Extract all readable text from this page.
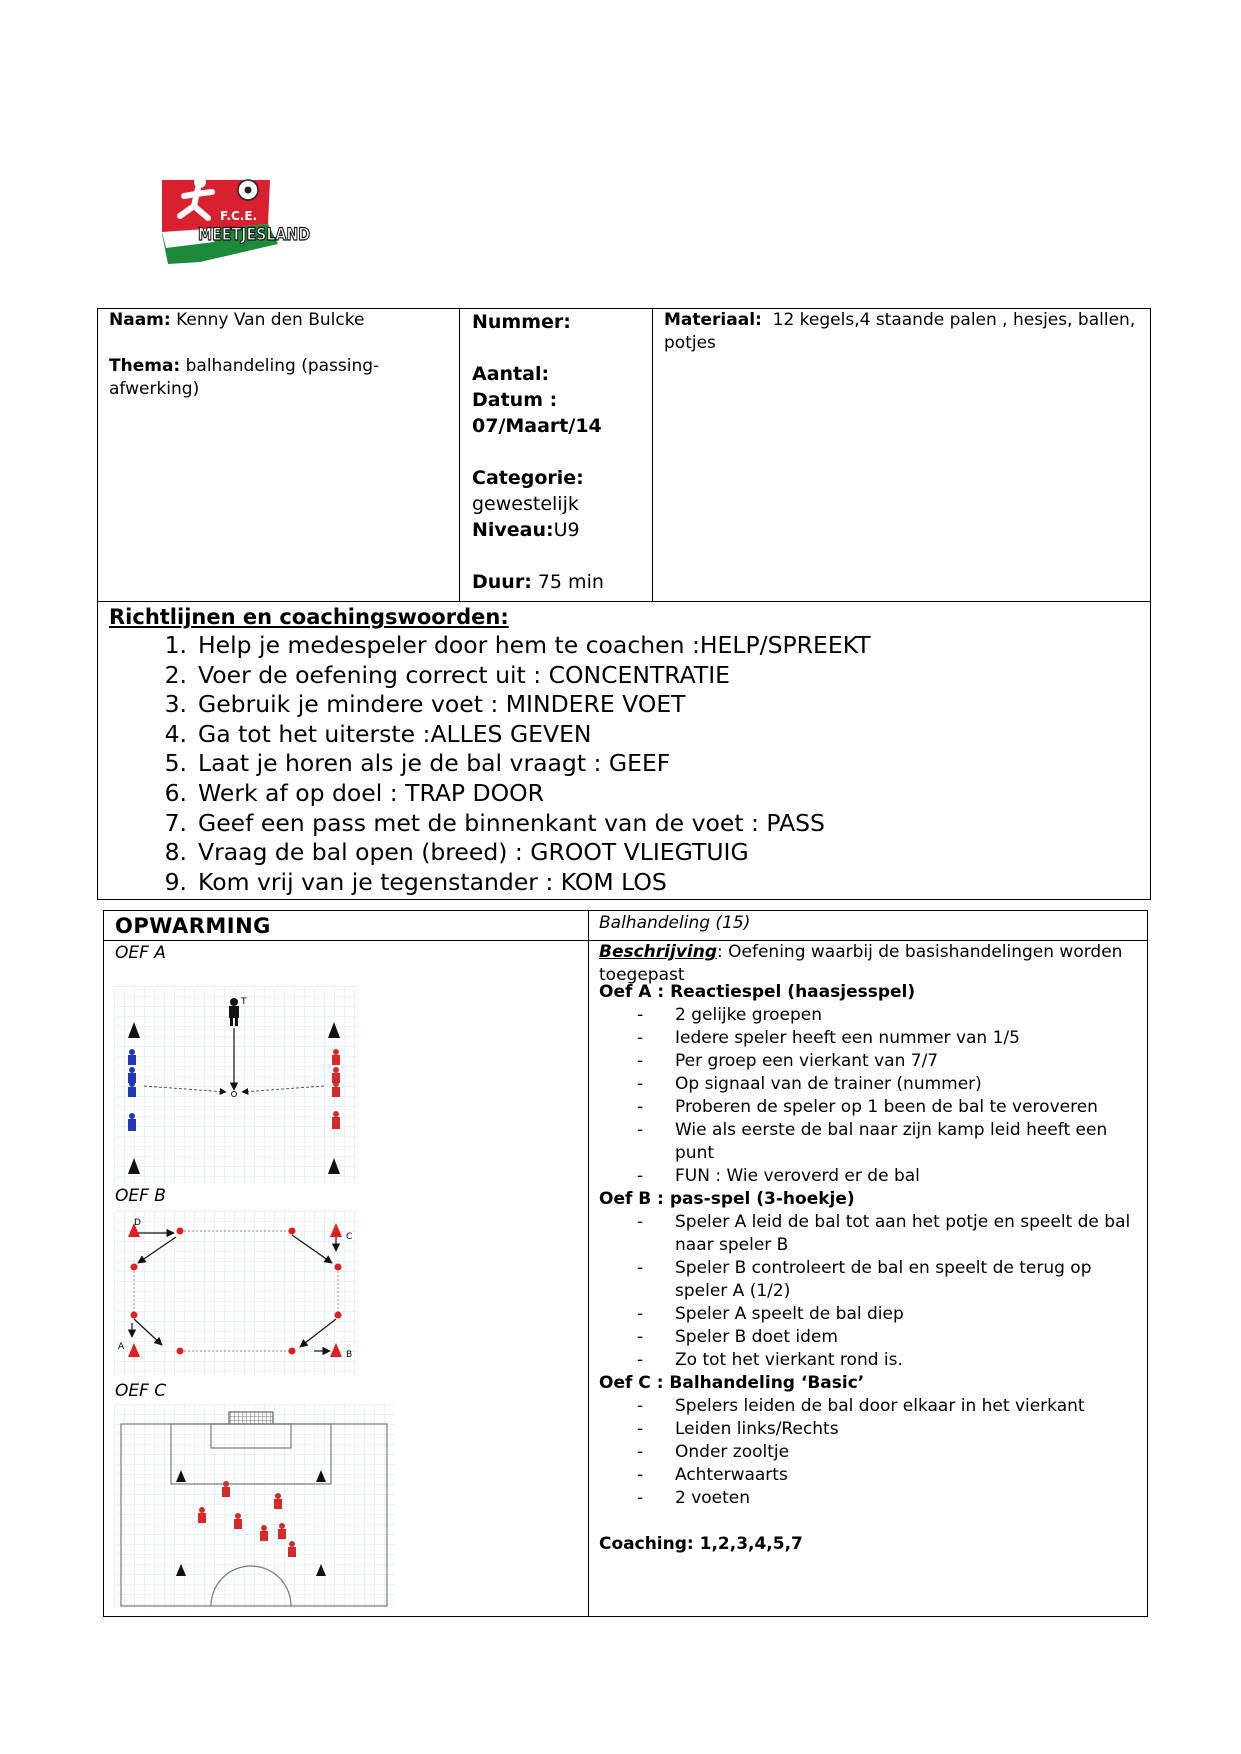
F.C.E.
MEETJESLAND
Naam: Kenny Van den Bulcke
Thema: balhandeling (passing-afwerking)
Nummer:
Aantal:
Datum :
07/Maart/14
Categorie:
gewestelijk
Niveau:U9
Duur: 75 min
Materiaal: 12 kegels,4 staande palen , hesjes, ballen, potjes
Richtlijnen en coachingswoorden:
1. Help je medespeler door hem te coachen :HELP/SPREEKT
2. Voer de oefening correct uit : CONCENTRATIE
3. Gebruik je mindere voet : MINDERE VOET
4. Ga tot het uiterste :ALLES GEVEN
5. Laat je horen als je de bal vraagt : GEEF
6. Werk af op doel : TRAP DOOR
7. Geef een pass met de binnenkant van de voet : PASS
8. Vraag de bal open (breed) : GROOT VLIEGTUIG
9. Kom vrij van je tegenstander : KOM LOS
OPWARMING	Balhandeling (15)
OEF A
OEF B
OEF C
T
D
C
A
B
Beschrijving: Oefening waarbij de basishandelingen worden toegepast
Oef A : Reactiespel (haasjesspel)
- 2 gelijke groepen
- Iedere speler heeft een nummer van 1/5
- Per groep een vierkant van 7/7
- Op signaal van de trainer (nummer)
- Proberen de speler op 1 been de bal te veroveren
- Wie als eerste de bal naar zijn kamp leid heeft een punt
- FUN : Wie veroverd er de bal
Oef B : pas-spel (3-hoekje)
- Speler A leid de bal tot aan het potje en speelt de bal naar speler B
- Speler B controleert de bal en speelt de terug op speler A (1/2)
- Speler A speelt de bal diep
- Speler B doet idem
- Zo tot het vierkant rond is.
Oef C : Balhandeling ‘Basic’
- Spelers leiden de bal door elkaar in het vierkant
- Leiden links/Rechts
- Onder zooltje
- Achterwaarts
- 2 voeten
Coaching: 1,2,3,4,5,7
